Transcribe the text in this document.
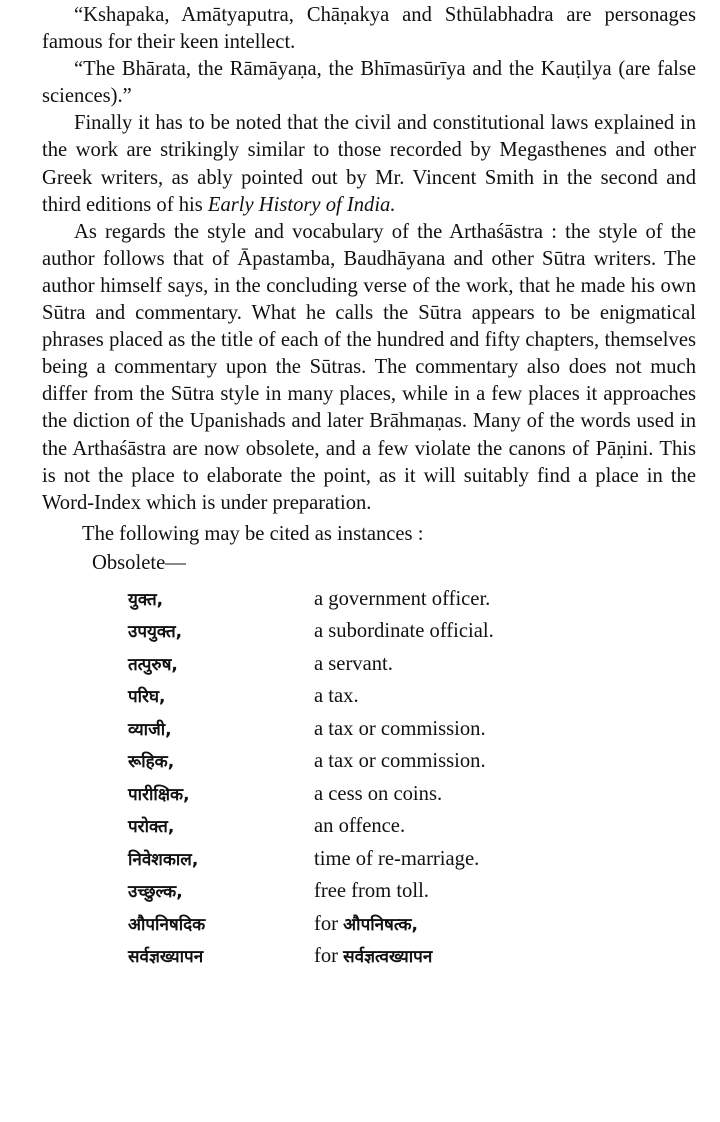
“Kshapaka, Amātyaputra, Chāṇakya and Sthūlabhadra are personages famous for their keen intellect.

“The Bhārata, the Rāmāyaṇa, the Bhīmasūrīya and the Kauṭilya (are false sciences).”

Finally it has to be noted that the civil and constitutional laws explained in the work are strikingly similar to those recorded by Megasthenes and other Greek writers, as ably pointed out by Mr. Vincent Smith in the second and third editions of his Early History of India.

As regards the style and vocabulary of the Arthaśāstra : the style of the author follows that of Āpastamba, Baudhāyana and other Sūtra writers. The author himself says, in the concluding verse of the work, that he made his own Sūtra and commentary. What he calls the Sūtra appears to be enigmatical phrases placed as the title of each of the hundred and fifty chapters, themselves being a commentary upon the Sūtras. The commentary also does not much differ from the Sūtra style in many places, while in a few places it approaches the diction of the Upanishads and later Brāhmaṇas. Many of the words used in the Arthaśāstra are now obsolete, and a few violate the canons of Pāṇini. This is not the place to elaborate the point, as it will suitably find a place in the Word-Index which is under preparation.

The following may be cited as instances :

Obsolete—

युक्त,	a government officer.
उपयुक्त,	a subordinate official.
तत्पुरुष,	a servant.
परिघ,	a tax.
व्याजी,	a tax or commission.
रूहिक,	a tax or commission.
पारीक्षिक,	a cess on coins.
परोक्त,	an offence.
निवेशकाल,	time of re-marriage.
उच्छुल्क,	free from toll.
औपनिषदिक	for औपनिषत्क,
सर्वज्ञख्यापन	for सर्वज्ञत्वख्यापन
